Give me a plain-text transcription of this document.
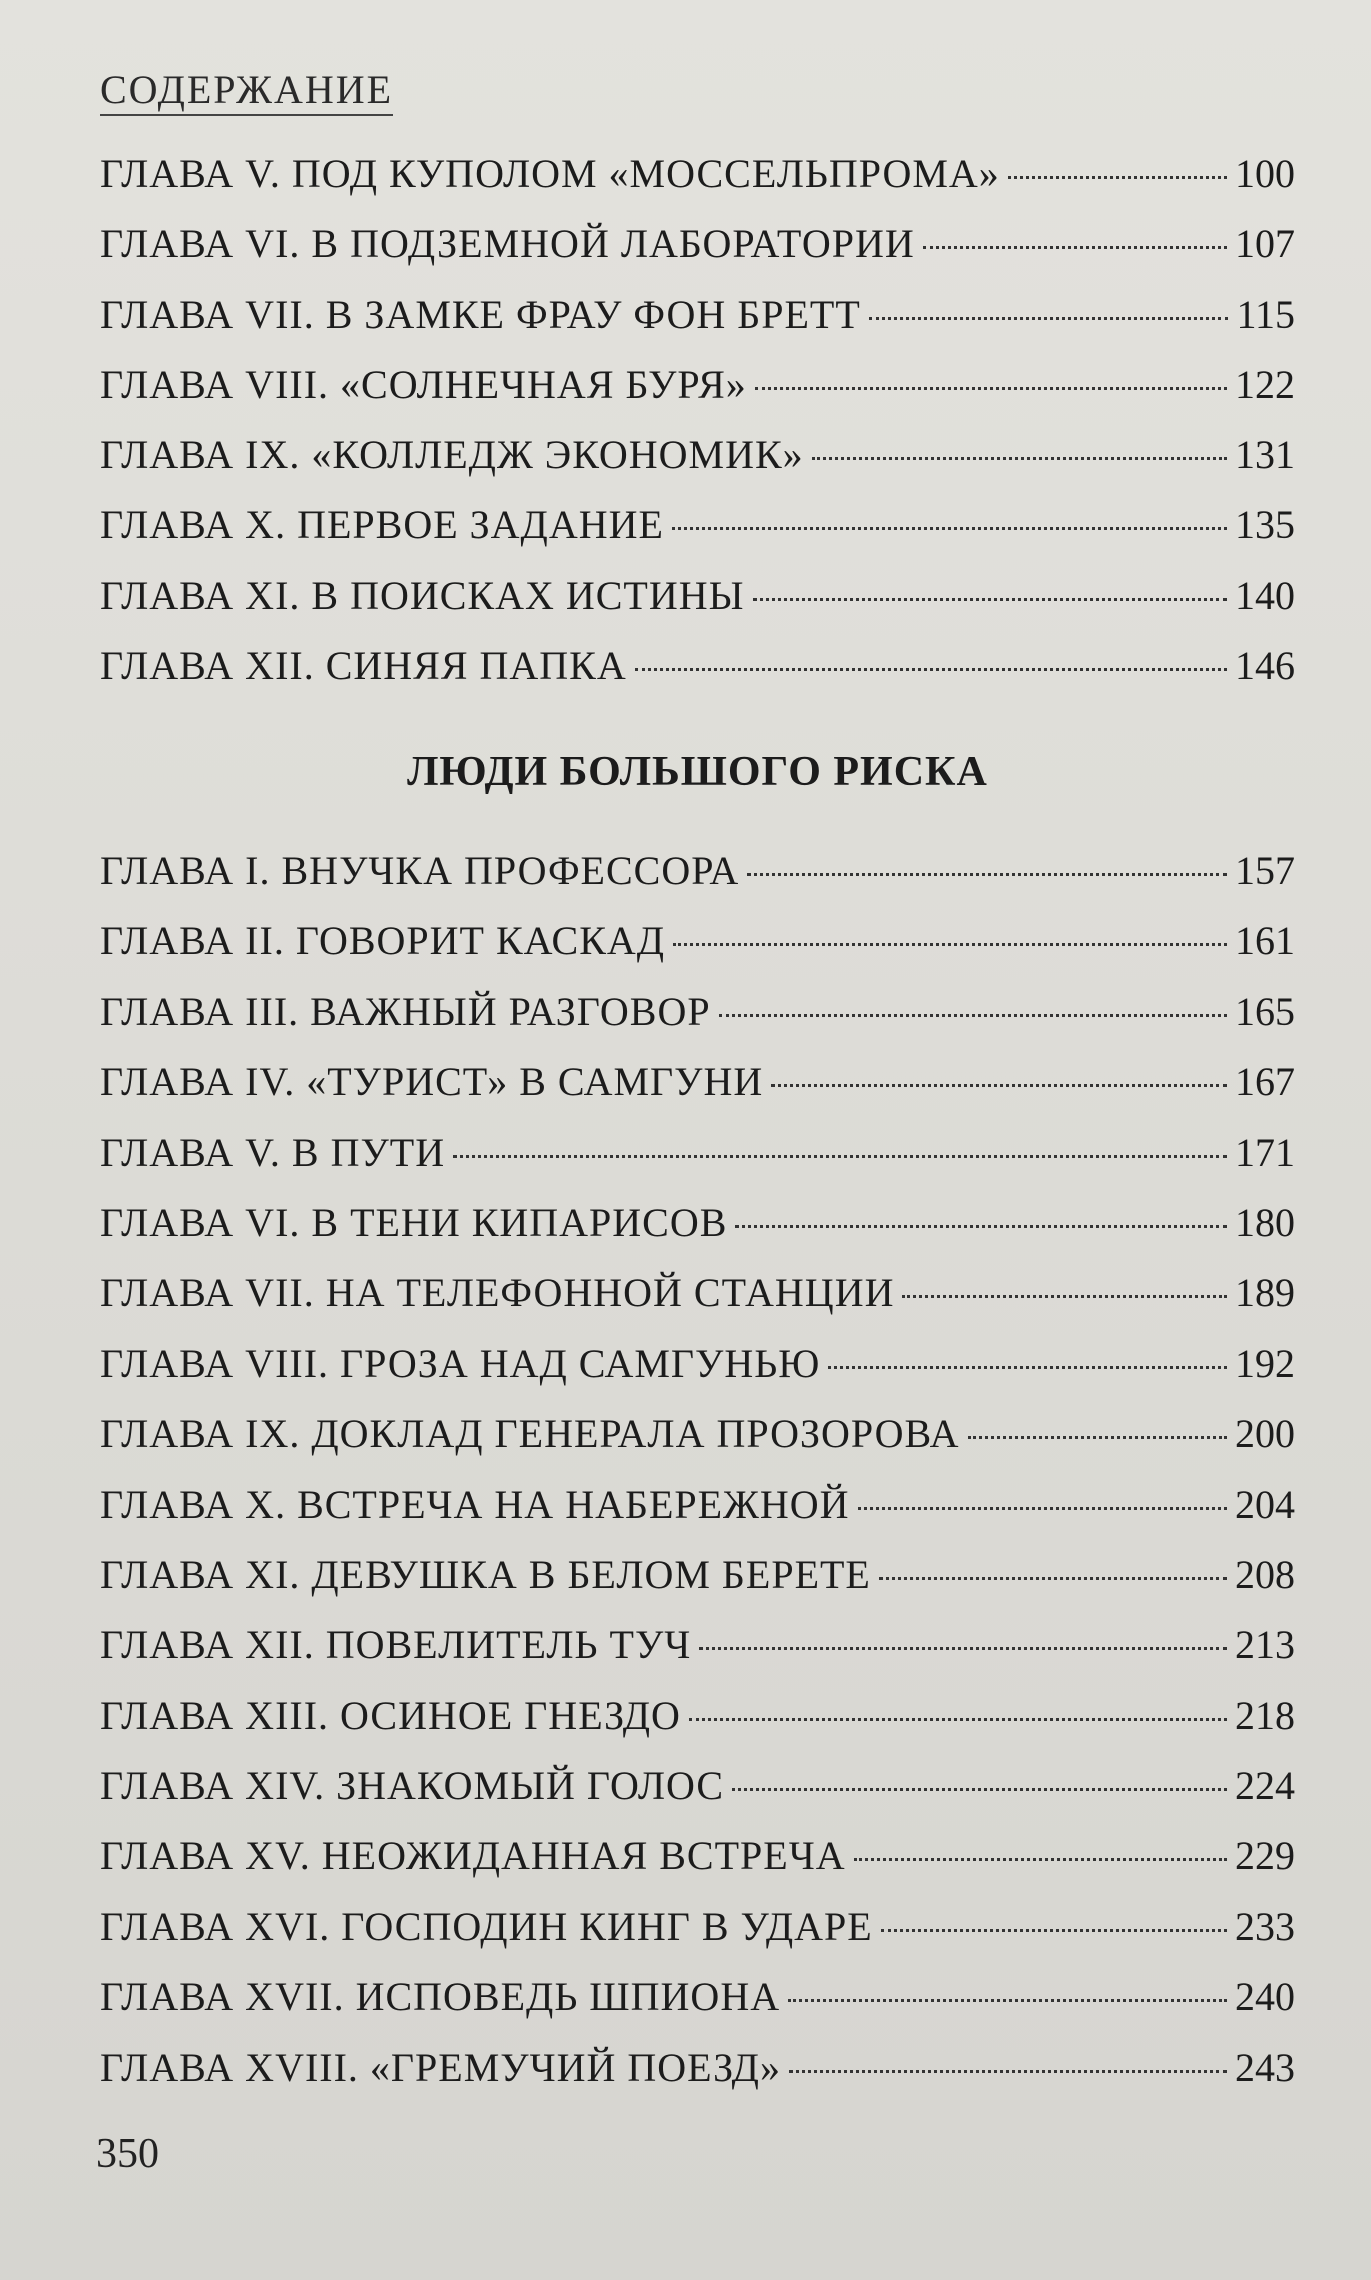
СОДЕРЖАНИЕ
ГЛАВА V. ПОД КУПОЛОМ «МОССЕЛЬПРОМА»	100
ГЛАВА VI. В ПОДЗЕМНОЙ ЛАБОРАТОРИИ	107
ГЛАВА VII. В ЗАМКЕ ФРАУ ФОН БРЕТТ	115
ГЛАВА VIII. «СОЛНЕЧНАЯ БУРЯ»	122
ГЛАВА IX. «КОЛЛЕДЖ ЭКОНОМИК»	131
ГЛАВА X. ПЕРВОЕ ЗАДАНИЕ	135
ГЛАВА XI. В ПОИСКАХ ИСТИНЫ	140
ГЛАВА XII. СИНЯЯ ПАПКА	146
ЛЮДИ БОЛЬШОГО РИСКА
ГЛАВА I. ВНУЧКА ПРОФЕССОРА	157
ГЛАВА II. ГОВОРИТ КАСКАД	161
ГЛАВА III. ВАЖНЫЙ РАЗГОВОР	165
ГЛАВА IV. «ТУРИСТ» В САМГУНИ	167
ГЛАВА V. В ПУТИ	171
ГЛАВА VI. В ТЕНИ КИПАРИСОВ	180
ГЛАВА VII. НА ТЕЛЕФОННОЙ СТАНЦИИ	189
ГЛАВА VIII. ГРОЗА НАД САМГУНЬЮ	192
ГЛАВА IX. ДОКЛАД ГЕНЕРАЛА ПРОЗОРОВА	200
ГЛАВА X. ВСТРЕЧА НА НАБЕРЕЖНОЙ	204
ГЛАВА XI. ДЕВУШКА В БЕЛОМ БЕРЕТЕ	208
ГЛАВА XII. ПОВЕЛИТЕЛЬ ТУЧ	213
ГЛАВА XIII. ОСИНОЕ ГНЕЗДО	218
ГЛАВА XIV. ЗНАКОМЫЙ ГОЛОС	224
ГЛАВА XV. НЕОЖИДАННАЯ ВСТРЕЧА	229
ГЛАВА XVI. ГОСПОДИН КИНГ В УДАРЕ	233
ГЛАВА XVII. ИСПОВЕДЬ ШПИОНА	240
ГЛАВА XVIII. «ГРЕМУЧИЙ ПОЕЗД»	243
350
